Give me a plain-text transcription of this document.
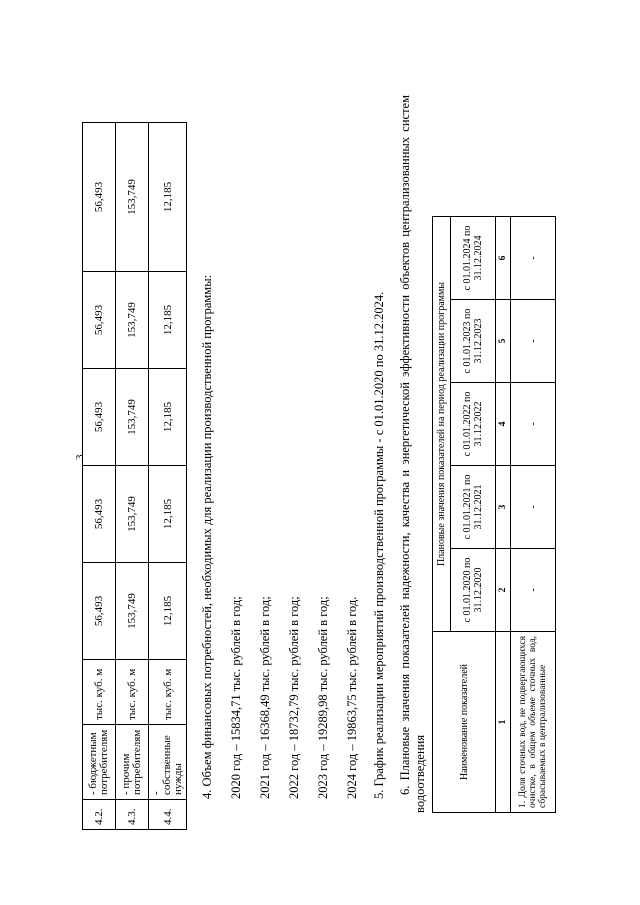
3
4.2.	- бюджетным потребителям	тыс. куб. м	56,493	56,493	56,493	56,493	56,493
4.3.	- прочим потребителям	тыс. куб. м	153,749	153,749	153,749	153,749	153,749
4.4.	- собственные нужды	тыс. куб. м	12,185	12,185	12,185	12,185	12,185
4. Объем финансовых потребностей, необходимых для реализации производственной программы: 2020 год – 15834,71 тыс. рублей в год; 2021 год – 16368,49 тыс. рублей в год; 2022 год – 18732,79 тыс. рублей в год; 2023 год – 19289,98 тыс. рублей в год; 2024 год – 19863,75 тыс. рублей в год. 5. График реализации мероприятий производственной программы - с 01.01.2020 по 31.12.2024. 6. Плановые значения показателей надежности, качества и энергетической эффективности объектов централизованных систем водоотведения	Наименование показателей	Плановые значения показателей на период реализации программы				
	с 01.01.2020 по 31.12.2020	с 01.01.2021 по 31.12.2021	с 01.01.2022 по 31.12.2022	с 01.01.2023 по 31.12.2023	с 01.01.2024 по 31.12.2024
1	2	3	4	5	6
1. Доля сточных вод, не подвергающихся очистке, в общем объеме сточных вод, сбрасываемых в централизованные	-	-	-	-	-
